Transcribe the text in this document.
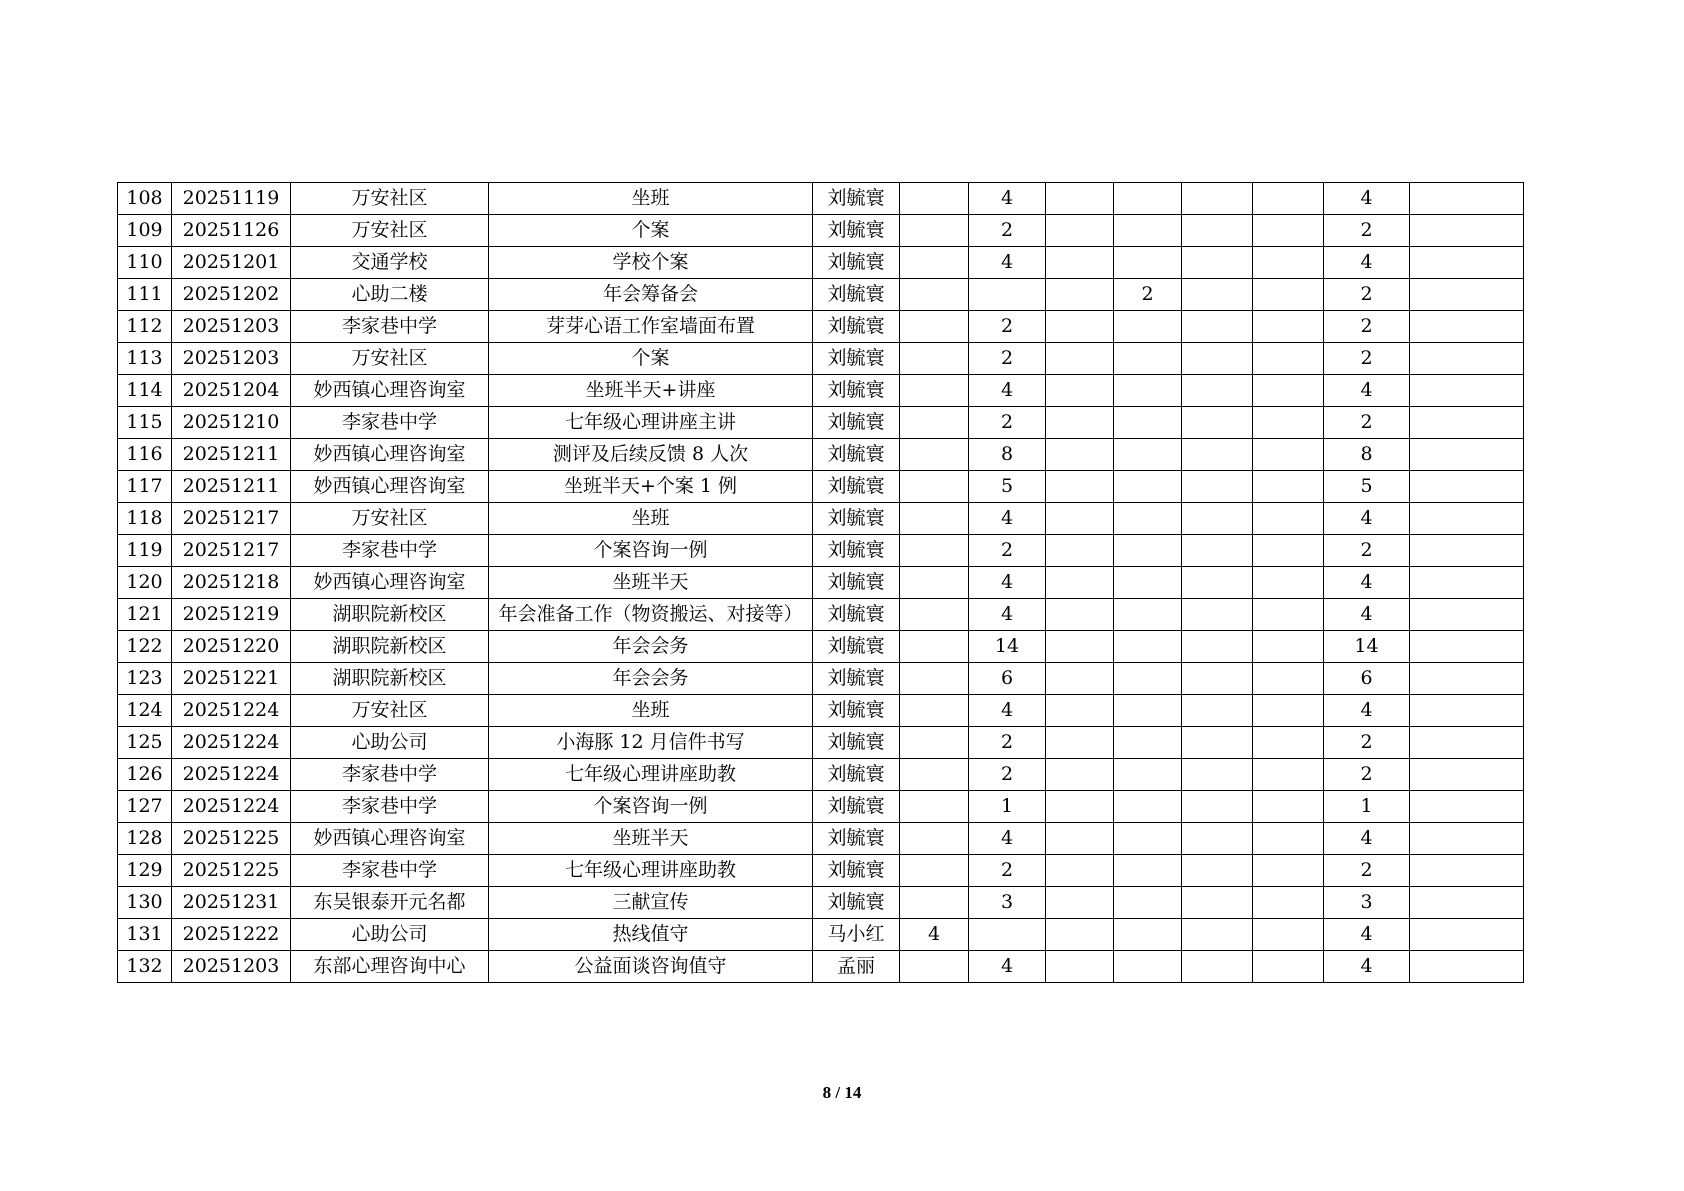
108	20251119	万安社区	坐班	刘毓寰		4					4	
109	20251126	万安社区	个案	刘毓寰		2					2	
110	20251201	交通学校	学校个案	刘毓寰		4					4	
111	20251202	心助二楼	年会筹备会	刘毓寰				2			2	
112	20251203	李家巷中学	芽芽心语工作室墙面布置	刘毓寰		2					2	
113	20251203	万安社区	个案	刘毓寰		2					2	
114	20251204	妙西镇心理咨询室	坐班半天+讲座	刘毓寰		4					4	
115	20251210	李家巷中学	七年级心理讲座主讲	刘毓寰		2					2	
116	20251211	妙西镇心理咨询室	测评及后续反馈 8 人次	刘毓寰		8					8	
117	20251211	妙西镇心理咨询室	坐班半天+个案 1 例	刘毓寰		5					5	
118	20251217	万安社区	坐班	刘毓寰		4					4	
119	20251217	李家巷中学	个案咨询一例	刘毓寰		2					2	
120	20251218	妙西镇心理咨询室	坐班半天	刘毓寰		4					4	
121	20251219	湖职院新校区	年会准备工作（物资搬运、对接等）	刘毓寰		4					4	
122	20251220	湖职院新校区	年会会务	刘毓寰		14					14	
123	20251221	湖职院新校区	年会会务	刘毓寰		6					6	
124	20251224	万安社区	坐班	刘毓寰		4					4	
125	20251224	心助公司	小海豚 12 月信件书写	刘毓寰		2					2	
126	20251224	李家巷中学	七年级心理讲座助教	刘毓寰		2					2	
127	20251224	李家巷中学	个案咨询一例	刘毓寰		1					1	
128	20251225	妙西镇心理咨询室	坐班半天	刘毓寰		4					4	
129	20251225	李家巷中学	七年级心理讲座助教	刘毓寰		2					2	
130	20251231	东吴银泰开元名都	三献宣传	刘毓寰		3					3	
131	20251222	心助公司	热线值守	马小红	4						4	
132	20251203	东部心理咨询中心	公益面谈咨询值守	孟丽		4					4	
8 / 14
